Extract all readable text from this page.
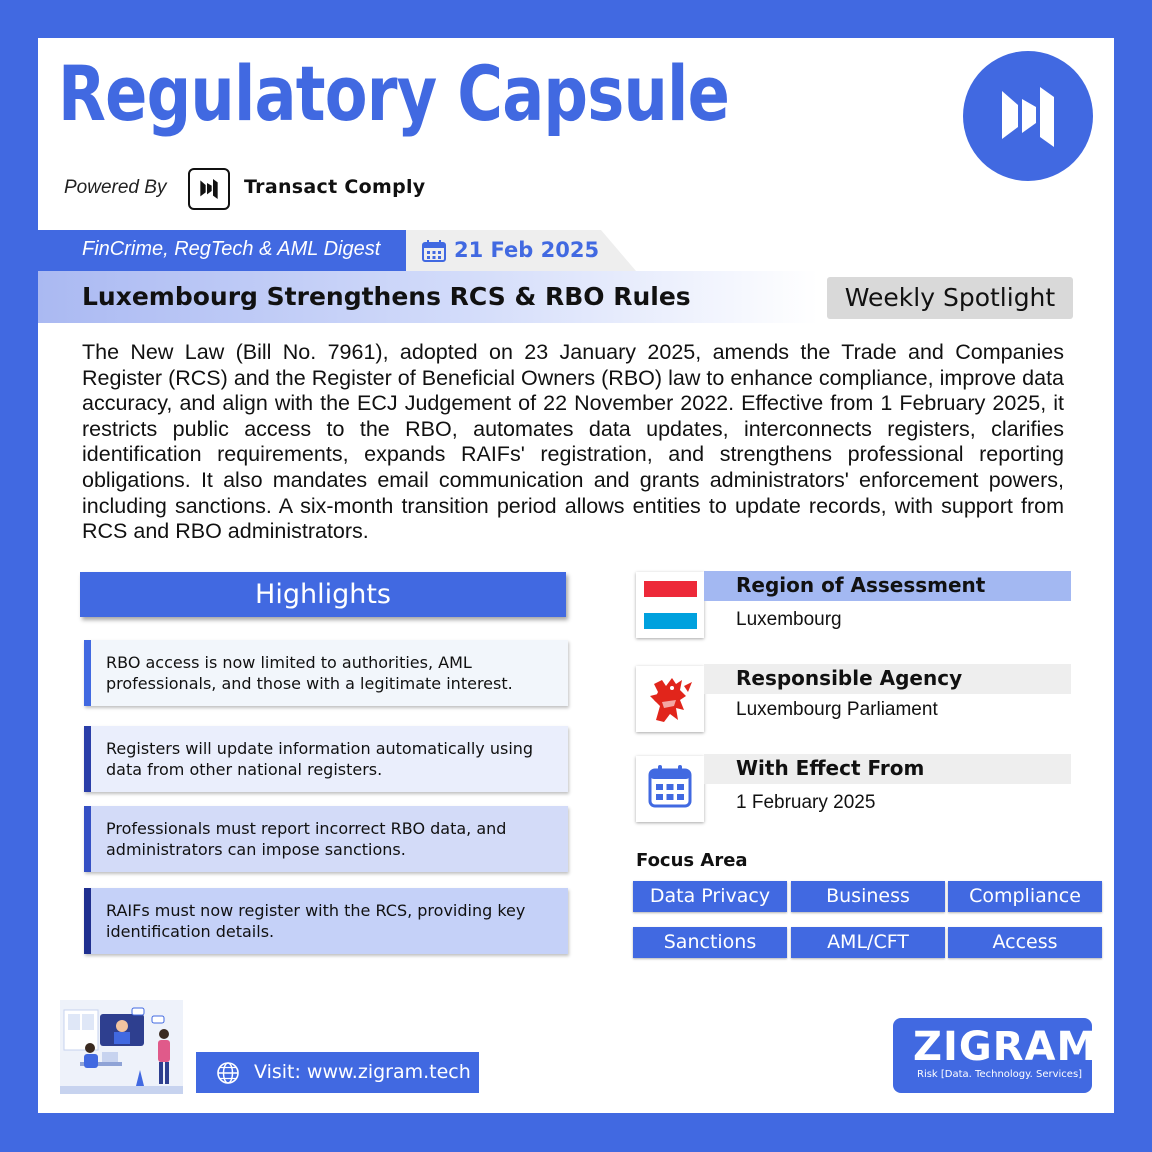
Regulatory Capsule
Powered By	Transact Comply
FinCrime, RegTech & AML Digest	21 Feb 2025
Luxembourg Strengthens RCS & RBO Rules	Weekly Spotlight
The New Law (Bill No. 7961), adopted on 23 January 2025, amends the Trade and Companies Register (RCS) and the Register of Beneficial Owners (RBO) law to enhance compliance, improve data accuracy, and align with the ECJ Judgement of 22 November 2022. Effective from 1 February 2025, it restricts public access to the RBO, automates data updates, interconnects registers, clarifies identification requirements, expands RAIFs' registration, and strengthens professional reporting obligations. It also mandates email communication and grants administrators' enforcement powers, including sanctions. A six-month transition period allows entities to update records, with support from RCS and RBO administrators.
Highlights
RBO access is now limited to authorities, AML professionals, and those with a legitimate interest.
Registers will update information automatically using data from other national registers.
Professionals must report incorrect RBO data, and administrators can impose sanctions.
RAIFs must now register with the RCS, providing key identification details.
Region of Assessment
Luxembourg
Responsible Agency
Luxembourg Parliament
With Effect From
1 February 2025
Focus Area
Data Privacy	Business	Compliance
Sanctions	AML/CFT	Access
Visit: www.zigram.tech
ZIGRAM
Risk [Data. Technology. Services]
